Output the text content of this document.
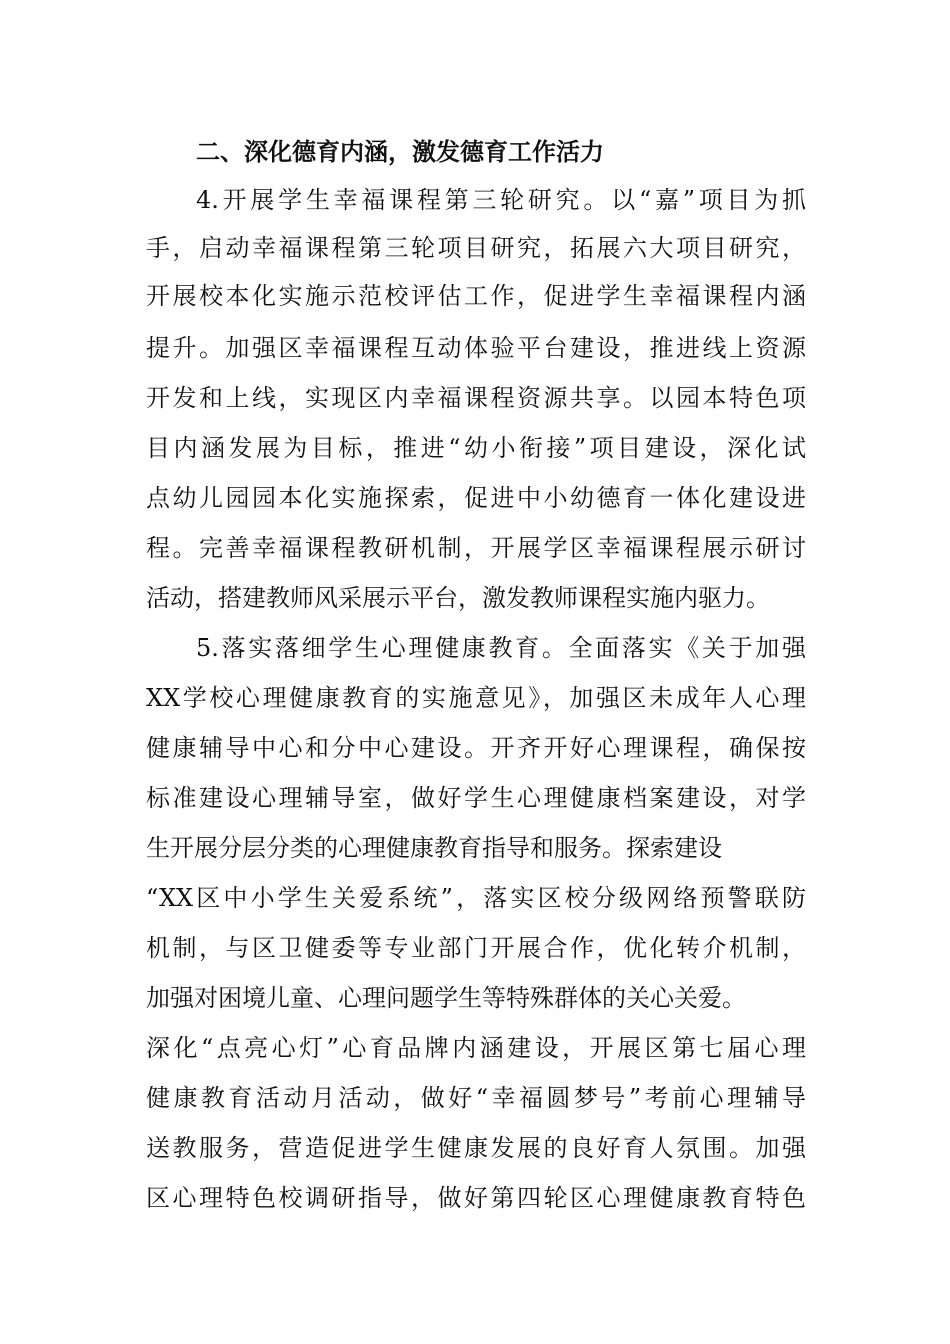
二、深化德育内涵，激发德育工作活力
4.开展学生幸福课程第三轮研究。以“嘉”项目为抓
手，启动幸福课程第三轮项目研究，拓展六大项目研究，
开展校本化实施示范校评估工作，促进学生幸福课程内涵
提升。加强区幸福课程互动体验平台建设，推进线上资源
开发和上线，实现区内幸福课程资源共享。以园本特色项
目内涵发展为目标，推进“幼小衔接”项目建设，深化试
点幼儿园园本化实施探索，促进中小幼德育一体化建设进
程。完善幸福课程教研机制，开展学区幸福课程展示研讨
活动，搭建教师风采展示平台，激发教师课程实施内驱力。
5.落实落细学生心理健康教育。全面落实《关于加强
XX学校心理健康教育的实施意见》，加强区未成年人心理
健康辅导中心和分中心建设。开齐开好心理课程，确保按
标准建设心理辅导室，做好学生心理健康档案建设，对学
生开展分层分类的心理健康教育指导和服务。探索建设
“XX区中小学生关爱系统”，落实区校分级网络预警联防
机制，与区卫健委等专业部门开展合作，优化转介机制，
加强对困境儿童、心理问题学生等特殊群体的关心关爱。
深化“点亮心灯”心育品牌内涵建设，开展区第七届心理
健康教育活动月活动，做好“幸福圆梦号”考前心理辅导
送教服务，营造促进学生健康发展的良好育人氛围。加强
区心理特色校调研指导，做好第四轮区心理健康教育特色
